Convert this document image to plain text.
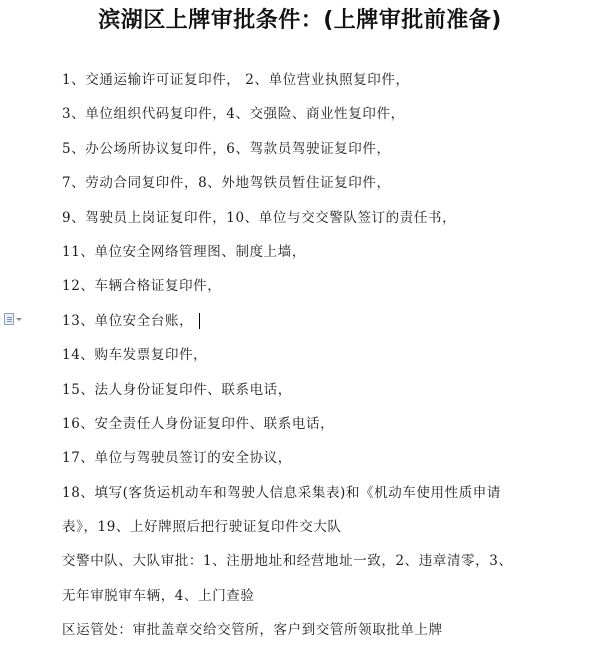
滨湖区上牌审批条件：(上牌审批前准备)
1、交通运输许可证复印件， 2、单位营业执照复印件，
3、单位组织代码复印件，4、交强险、商业性复印件，
5、办公场所协议复印件，6、驾款员驾驶证复印件，
7、劳动合同复印件，8、外地驾铁员暂住证复印件，
9、驾驶员上岗证复印件，10、单位与交交警队签订的责任书，
11、单位安全网络管理图、制度上墙，
12、车辆合格证复印件，
13、单位安全台账，
14、购车发票复印件，
15、法人身份证复印件、联系电话，
16、安全责任人身份证复印件、联系电话，
17、单位与驾驶员签订的安全协议，
18、填写(客货运机动车和驾驶人信息采集表)和《机动车使用性质申请
表》，19、上好牌照后把行驶证复印件交大队
交警中队、大队审批：1、注册地址和经营地址一致，2、违章清零，3、
无年审脱审车辆，4、上门查验
区运管处：审批盖章交给交管所，客户到交管所领取批单上牌
